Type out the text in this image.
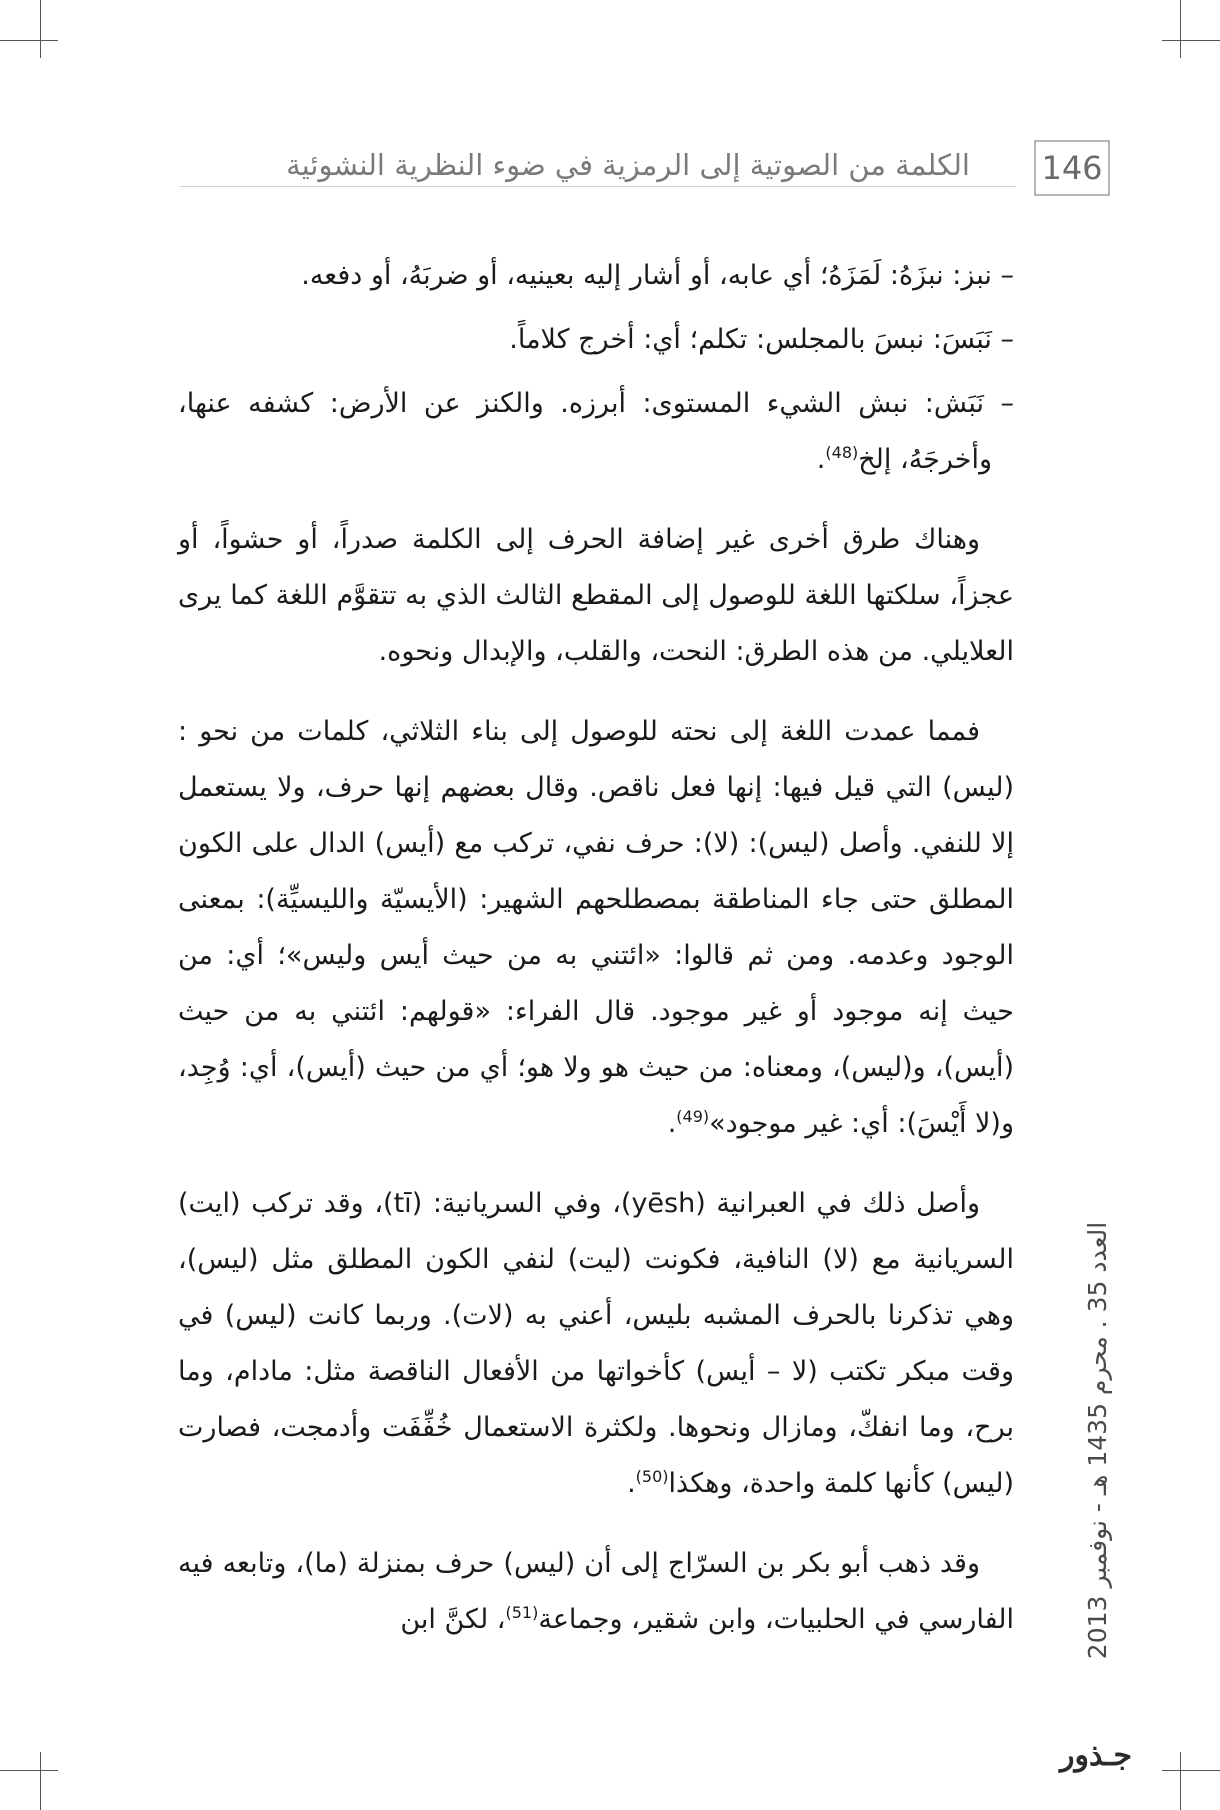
الكلمة من الصوتية إلى الرمزية في ضوء النظرية النشوئية 146

– نبز: نبزَهُ: لَمَزَهُ؛ أي عابه، أو أشار إليه بعينيه، أو ضربَهُ، أو دفعه.

– نَبَسَ: نبسَ بالمجلس: تكلم؛ أي: أخرج كلاماً.

– نَبَش: نبش الشيء المستوى: أبرزه. والكنز عن الأرض: كشفه عنها، وأخرجَهُ، إلخ$^{(48)}$.

وهناك طرق أخرى غير إضافة الحرف إلى الكلمة صدراً، أو حشواً، أو عجزاً، سلكتها اللغة للوصول إلى المقطع الثالث الذي به تتقوَّم اللغة كما يرى العلايلي. من هذه الطرق: النحت، والقلب، والإبدال ونحوه.

فمما عمدت اللغة إلى نحته للوصول إلى بناء الثلاثي، كلمات من نحو :(ليس) التي قيل فيها: إنها فعل ناقص. وقال بعضهم إنها حرف، ولا يستعمل إلا للنفي. وأصل (ليس): (لا): حرف نفي، تركب مع (أيس) الدال على الكون المطلق حتى جاء المناطقة بمصطلحهم الشهير: (الأيسيّة والليسيِّة): بمعنى الوجود وعدمه. ومن ثم قالوا: «ائتني به من حيث أيس وليس»؛ أي: من حيث إنه موجود أو غير موجود. قال الفراء: «قولهم: ائتني به من حيث (أيس)، و(ليس)، ومعناه: من حيث هو ولا هو؛ أي من حيث (أيس)، أي: وُجِد، و(لا أَيْسَ): أي: غير موجود»$^{(49)}$.

وأصل ذلك في العبرانية (yēsh)، وفي السريانية: (tī)، وقد تركب (ايت) السريانية مع (لا) النافية، فكونت (ليت) لنفي الكون المطلق مثل (ليس)، وهي تذكرنا بالحرف المشبه بليس، أعني به (لات). وربما كانت (ليس) في وقت مبكر تكتب (لا – أيس) كأخواتها من الأفعال الناقصة مثل: مادام، وما برح، وما انفكّ، ومازال ونحوها. ولكثرة الاستعمال خُفِّفَت وأدمجت، فصارت (ليس) كأنها كلمة واحدة، وهكذا$^{(50)}$.

وقد ذهب أبو بكر بن السرّاج إلى أن (ليس) حرف بمنزلة (ما)، وتابعه فيه الفارسي في الحلبيات، وابن شقير، وجماعة$^{(51)}$، لكنَّ ابن	العدد 35 . محرم 1435 هـ - نوفمبر 2013
جـذور
